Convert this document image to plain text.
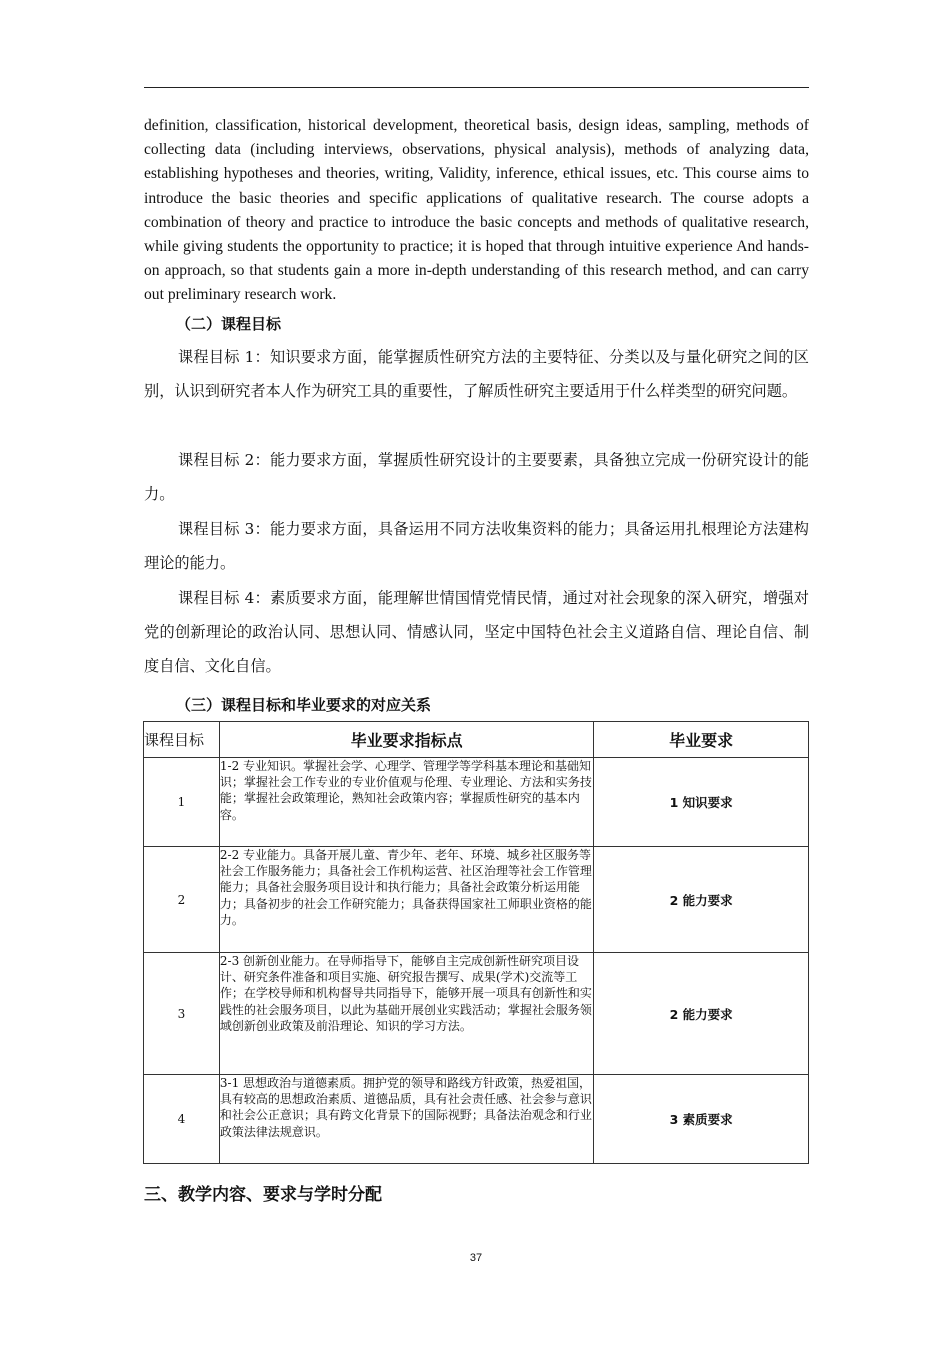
definition, classification, historical development, theoretical basis, design ideas, sampling, methods of collecting data (including interviews, observations, physical analysis), methods of analyzing data, establishing hypotheses and theories, writing, Validity, inference, ethical issues, etc. This course aims to introduce the basic theories and specific applications of qualitative research. The course adopts a combination of theory and practice to introduce the basic concepts and methods of qualitative research, while giving students the opportunity to practice; it is hoped that through intuitive experience And hands-on approach, so that students gain a more in-depth understanding of this research method, and can carry out preliminary research work.

（二）课程目标

课程目标 1：知识要求方面，能掌握质性研究方法的主要特征、分类以及与量化研究之间的区别，认识到研究者本人作为研究工具的重要性，了解质性研究主要适用于什么样类型的研究问题。

课程目标 2：能力要求方面，掌握质性研究设计的主要要素，具备独立完成一份研究设计的能力。

课程目标 3：能力要求方面，具备运用不同方法收集资料的能力；具备运用扎根理论方法建构理论的能力。

课程目标 4：素质要求方面，能理解世情国情党情民情，通过对社会现象的深入研究，增强对党的创新理论的政治认同、思想认同、情感认同，坚定中国特色社会主义道路自信、理论自信、制度自信、文化自信。

（三）课程目标和毕业要求的对应关系
课程目标	毕业要求指标点	毕业要求
1	1-2 专业知识。掌握社会学、心理学、管理学等学科基本理论和基础知识；掌握社会工作专业的专业价值观与伦理、专业理论、方法和实务技能；掌握社会政策理论，熟知社会政策内容；掌握质性研究的基本内容。	1 知识要求
2	2-2 专业能力。具备开展儿童、青少年、老年、环境、城乡社区服务等社会工作服务能力；具备社会工作机构运营、社区治理等社会工作管理能力；具备社会服务项目设计和执行能力；具备社会政策分析运用能力；具备初步的社会工作研究能力；具备获得国家社工师职业资格的能力。	2 能力要求
3	2-3 创新创业能力。在导师指导下，能够自主完成创新性研究项目设计、研究条件准备和项目实施、研究报告撰写、成果(学术)交流等工作；在学校导师和机构督导共同指导下，能够开展一项具有创新性和实践性的社会服务项目，以此为基础开展创业实践活动；掌握社会服务领域创新创业政策及前沿理论、知识的学习方法。	2 能力要求
4	3-1 思想政治与道德素质。拥护党的领导和路线方针政策，热爱祖国，具有较高的思想政治素质、道德品质，具有社会责任感、社会参与意识和社会公正意识；具有跨文化背景下的国际视野；具备法治观念和行业政策法律法规意识。	3 素质要求
三、教学内容、要求与学时分配
37
